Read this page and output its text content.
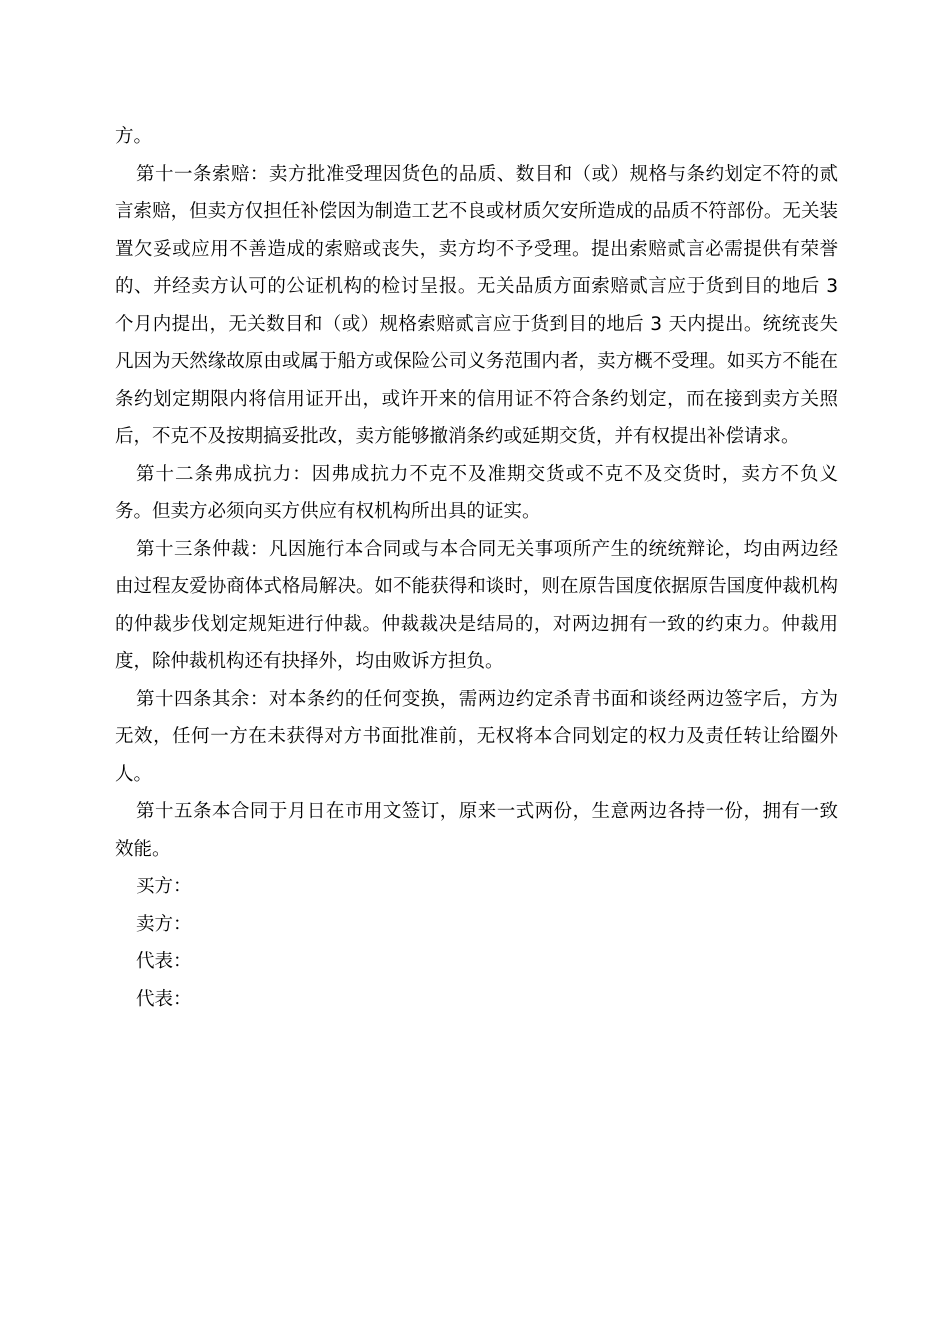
方。

第十一条索赔：卖方批准受理因货色的品质、数目和（或）规格与条约划定不符的贰言索赔，但卖方仅担任补偿因为制造工艺不良或材质欠安所造成的品质不符部份。无关装置欠妥或应用不善造成的索赔或丧失，卖方均不予受理。提出索赔贰言必需提供有荣誉的、并经卖方认可的公证机构的检讨呈报。无关品质方面索赔贰言应于货到目的地后 3 个月内提出，无关数目和（或）规格索赔贰言应于货到目的地后 3 天内提出。统统丧失凡因为天然缘故原由或属于船方或保险公司义务范围内者，卖方概不受理。如买方不能在条约划定期限内将信用证开出，或许开来的信用证不符合条约划定，而在接到卖方关照后，不克不及按期搞妥批改，卖方能够撤消条约或延期交货，并有权提出补偿请求。

第十二条弗成抗力：因弗成抗力不克不及准期交货或不克不及交货时，卖方不负义务。但卖方必须向买方供应有权机构所出具的证实。

第十三条仲裁：凡因施行本合同或与本合同无关事项所产生的统统辩论，均由两边经由过程友爱协商体式格局解决。如不能获得和谈时，则在原告国度依据原告国度仲裁机构的仲裁步伐划定规矩进行仲裁。仲裁裁决是结局的，对两边拥有一致的约束力。仲裁用度，除仲裁机构还有抉择外，均由败诉方担负。

第十四条其余：对本条约的任何变换，需两边约定杀青书面和谈经两边签字后，方为无效，任何一方在未获得对方书面批准前，无权将本合同划定的权力及责任转让给圈外人。

第十五条本合同于月日在市用文签订，原来一式两份，生意两边各持一份，拥有一致效能。

买方：

卖方：

代表：

代表：
